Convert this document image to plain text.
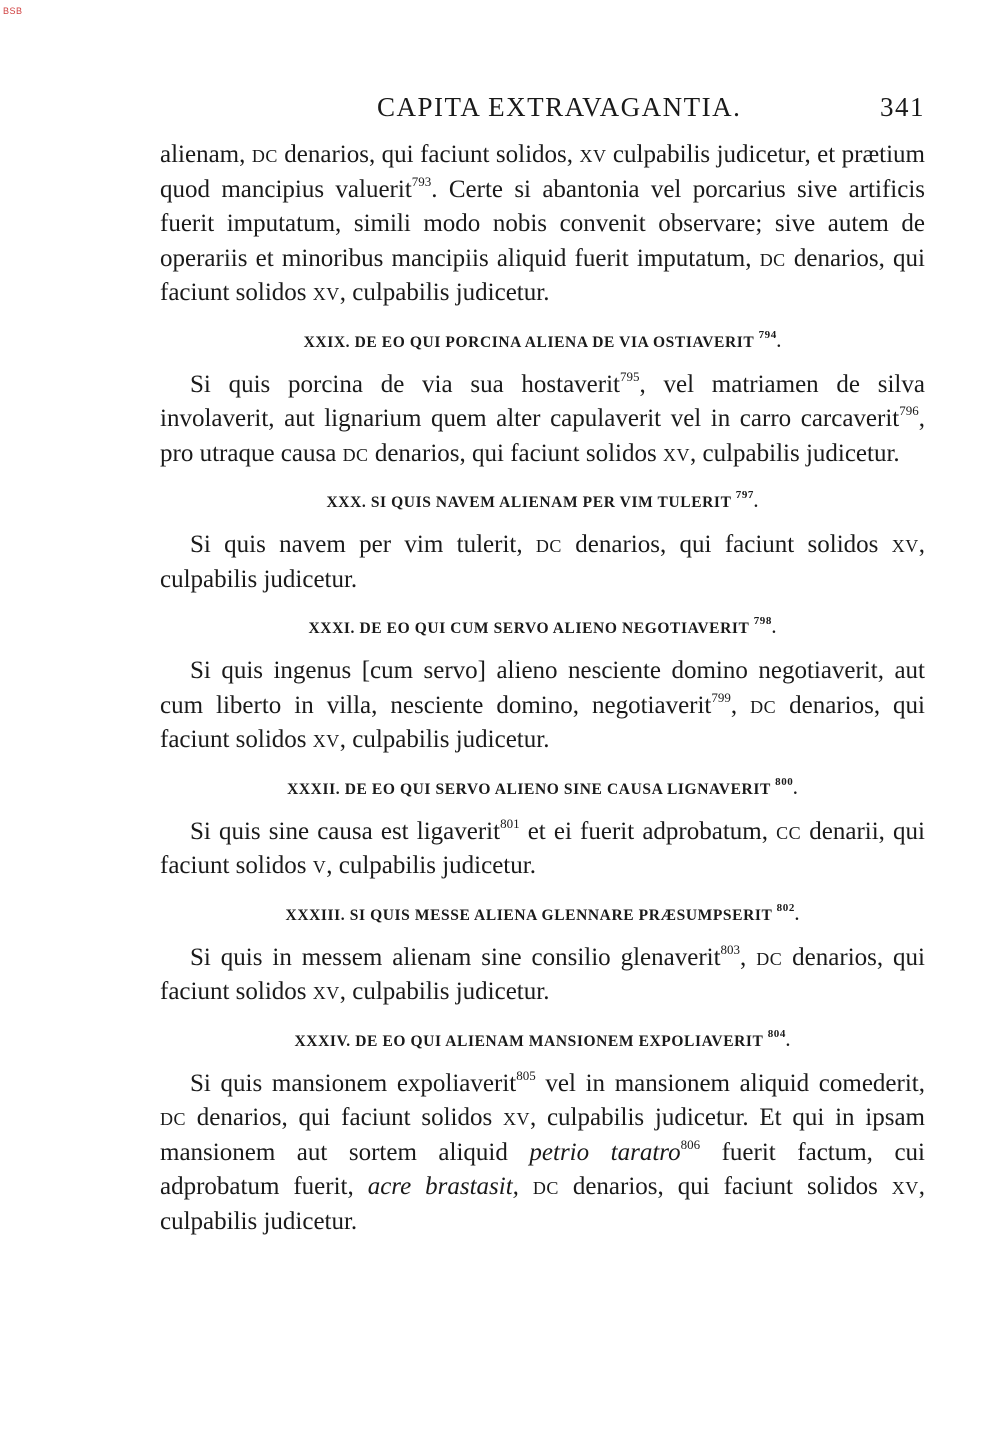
BSB
CAPITA EXTRAVAGANTIA.	341

alienam, dc denarios, qui faciunt solidos, xv culpabilis judicetur, et prætium quod mancipius valuerit$^{793}$. Certe si abantonia vel porcarius sive artificis fuerit imputatum, simili modo nobis convenit observare; sive autem de operariis et minoribus mancipiis aliquid fuerit imputatum, dc denarios, qui faciunt solidos xv, culpabilis judicetur.

XXIX. DE EO QUI PORCINA ALIENA DE VIA OSTIAVERIT $^{794}$.

Si quis porcina de via sua hostaverit$^{795}$, vel matriamen de silva involaverit, aut lignarium quem alter capulaverit vel in carro carcaverit$^{796}$, pro utraque causa dc denarios, qui faciunt solidos xv, culpabilis judicetur.

XXX. SI QUIS NAVEM ALIENAM PER VIM TULERIT $^{797}$.

Si quis navem per vim tulerit, dc denarios, qui faciunt solidos xv, culpabilis judicetur.

XXXI. DE EO QUI CUM SERVO ALIENO NEGOTIAVERIT $^{798}$.

Si quis ingenus [cum servo] alieno nesciente domino negotiaverit, aut cum liberto in villa, nesciente domino, negotiaverit$^{799}$, dc denarios, qui faciunt solidos xv, culpabilis judicetur.

XXXII. DE EO QUI SERVO ALIENO SINE CAUSA LIGNAVERIT $^{800}$.

Si quis sine causa est ligaverit$^{801}$ et ei fuerit adprobatum, cc denarii, qui faciunt solidos v, culpabilis judicetur.

XXXIII. SI QUIS MESSE ALIENA GLENNARE PRÆSUMPSERIT $^{802}$.

Si quis in messem alienam sine consilio glenaverit$^{803}$, dc denarios, qui faciunt solidos xv, culpabilis judicetur.

XXXIV. DE EO QUI ALIENAM MANSIONEM EXPOLIAVERIT $^{804}$.

Si quis mansionem expoliaverit$^{805}$ vel in mansionem aliquid comederit, dc denarios, qui faciunt solidos xv, culpabilis judicetur. Et qui in ipsam mansionem aut sortem aliquid petrio taratro$^{806}$ fuerit factum, cui adprobatum fuerit, acre brastasit, dc denarios, qui faciunt solidos xv, culpabilis judicetur.
